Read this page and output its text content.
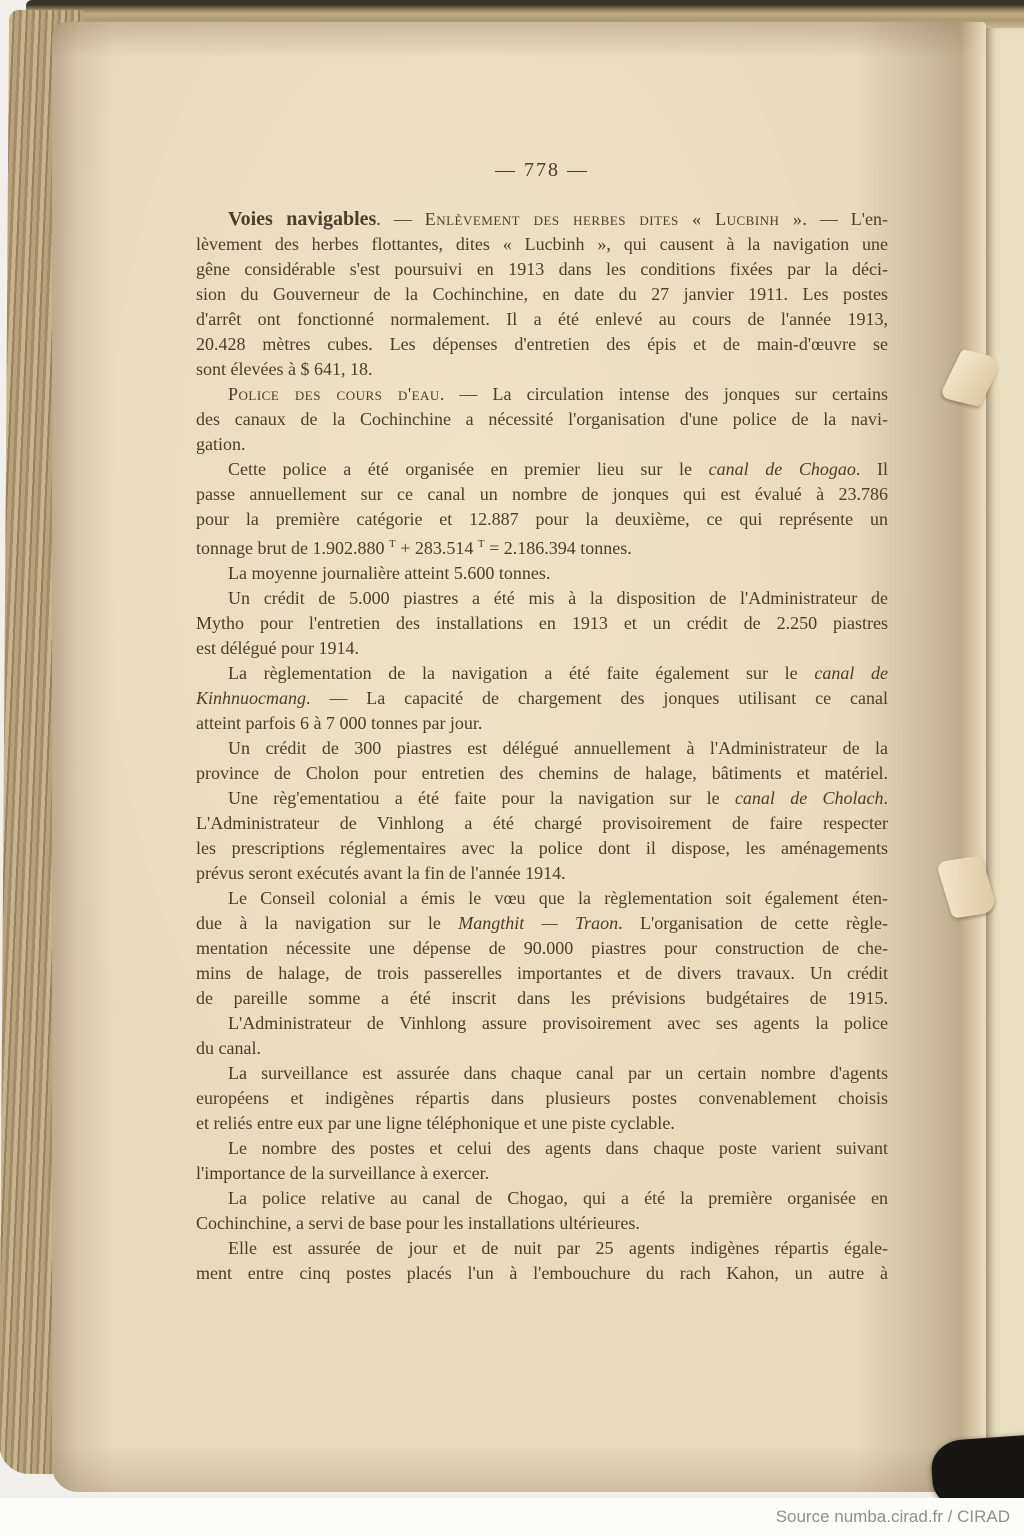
— 778 —
Voies navigables. — Enlèvement des herbes dites « Lucbinh ». — L'en-
lèvement des herbes flottantes, dites « Lucbinh », qui causent à la navigation une
gêne considérable s'est poursuivi en 1913 dans les conditions fixées par la déci-
sion du Gouverneur de la Cochinchine, en date du 27 janvier 1911. Les postes
d'arrêt ont fonctionné normalement. Il a été enlevé au cours de l'année 1913,
20.428 mètres cubes. Les dépenses d'entretien des épis et de main-d'œuvre se
sont élevées à $ 641, 18.
Police des cours d'eau. — La circulation intense des jonques sur certains
des canaux de la Cochinchine a nécessité l'organisation d'une police de la navi-
gation.
Cette police a été organisée en premier lieu sur le canal de Chogao. Il
passe annuellement sur ce canal un nombre de jonques qui est évalué à 23.786
pour la première catégorie et 12.887 pour la deuxième, ce qui représente un
tonnage brut de 1.902.880 $^T$ + 283.514 $^T$ = 2.186.394 tonnes.
La moyenne journalière atteint 5.600 tonnes.
Un crédit de 5.000 piastres a été mis à la disposition de l'Administrateur de
Mytho pour l'entretien des installations en 1913 et un crédit de 2.250 piastres
est délégué pour 1914.
La règlementation de la navigation a été faite également sur le canal de
Kinhnuocmang. — La capacité de chargement des jonques utilisant ce canal
atteint parfois 6 à 7 000 tonnes par jour.
Un crédit de 300 piastres est délégué annuellement à l'Administrateur de la
province de Cholon pour entretien des chemins de halage, bâtiments et matériel.
Une règ'ementatiou a été faite pour la navigation sur le canal de Cholach.
L'Administrateur de Vinhlong a été chargé provisoirement de faire respecter
les prescriptions réglementaires avec la police dont il dispose, les aménagements
prévus seront exécutés avant la fin de l'année 1914.
Le Conseil colonial a émis le vœu que la règlementation soit également éten-
due à la navigation sur le Mangthit — Traon. L'organisation de cette règle-
mentation nécessite une dépense de 90.000 piastres pour construction de che-
mins de halage, de trois passerelles importantes et de divers travaux. Un crédit
de pareille somme a été inscrit dans les prévisions budgétaires de 1915.
L'Administrateur de Vinhlong assure provisoirement avec ses agents la police
du canal.
La surveillance est assurée dans chaque canal par un certain nombre d'agents
européens et indigènes répartis dans plusieurs postes convenablement choisis
et reliés entre eux par une ligne téléphonique et une piste cyclable.
Le nombre des postes et celui des agents dans chaque poste varient suivant
l'importance de la surveillance à exercer.
La police relative au canal de Chogao, qui a été la première organisée en
Cochinchine, a servi de base pour les installations ultérieures.
Elle est assurée de jour et de nuit par 25 agents indigènes répartis égale-
ment entre cinq postes placés l'un à l'embouchure du rach Kahon, un autre à
Source numba.cirad.fr / CIRAD
